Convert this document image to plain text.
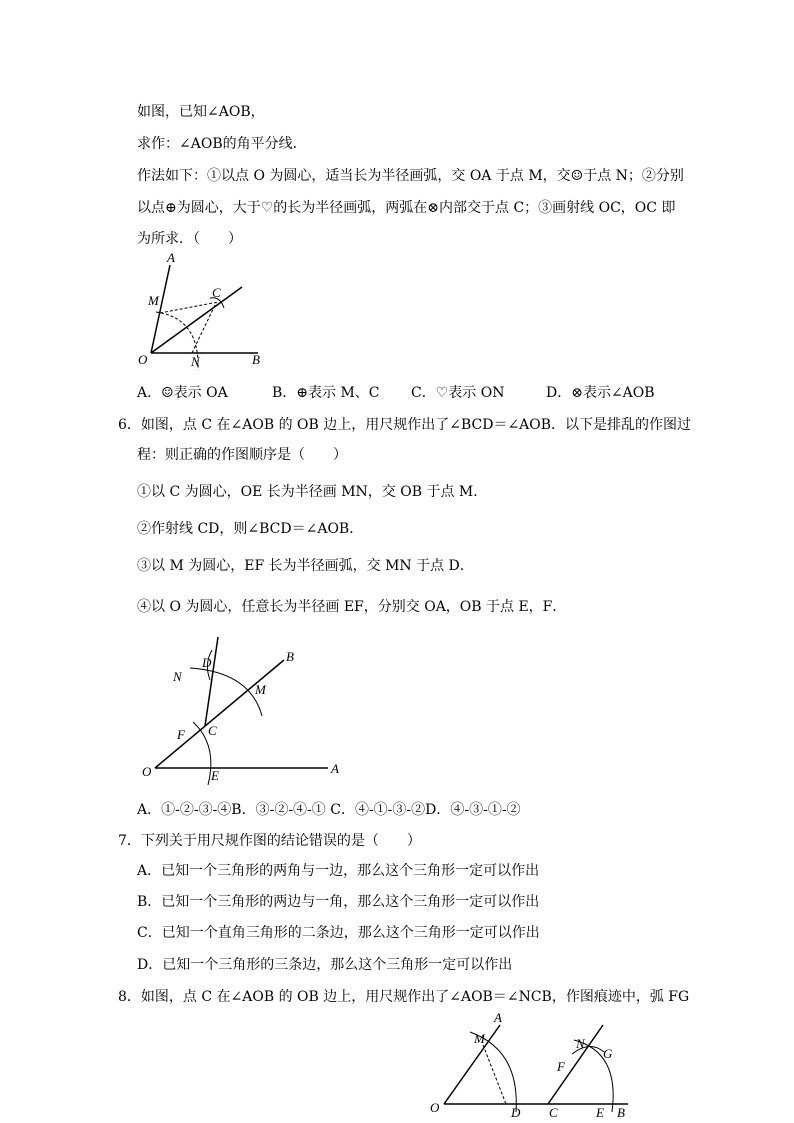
如图，已知∠AOB，
求作：∠AOB的角平分线．
作法如下：①以点 O 为圆心，适当长为半径画弧，交 OA 于点 M，交☺于点 N；②分别
以点⊕为圆心，大于♡的长为半径画弧，两弧在⊗内部交于点 C；③画射线 OC，OC 即
为所求．（　　）
A
M
C
O	N	B
A．☺表示 OA	B．⊕表示 M、C C．♡表示 ON	D．⊗表示∠AOB
6．如图，点 C 在∠AOB 的 OB 边上，用尺规作出了∠BCD＝∠AOB．以下是排乱的作图过
程：则正确的作图顺序是（　　）
①以 C 为圆心，OE 长为半径画 MN，交 OB 于点 M．
②作射线 CD，则∠BCD＝∠AOB．
③以 M 为圆心，EF 长为半径画弧，交 MN 于点 D．
④以 O 为圆心，任意长为半径画 EF，分别交 OA，OB 于点 E，F．
B
D
N
M
F C
O	E	A
A．①-②-③-④B．③-②-④-① C．④-①-③-②D．④-③-①-②
7．下列关于用尺规作图的结论错误的是（　　）
A．已知一个三角形的两角与一边，那么这个三角形一定可以作出
B．已知一个三角形的两边与一角，那么这个三角形一定可以作出
C．已知一个直角三角形的二条边，那么这个三角形一定可以作出
D．已知一个三角形的三条边，那么这个三角形一定可以作出
8．如图，点 C 在∠AOB 的 OB 边上，用尺规作出了∠AOB＝∠NCB，作图痕迹中，弧 FG
A
M
O	D
N
G
F
C	E B
